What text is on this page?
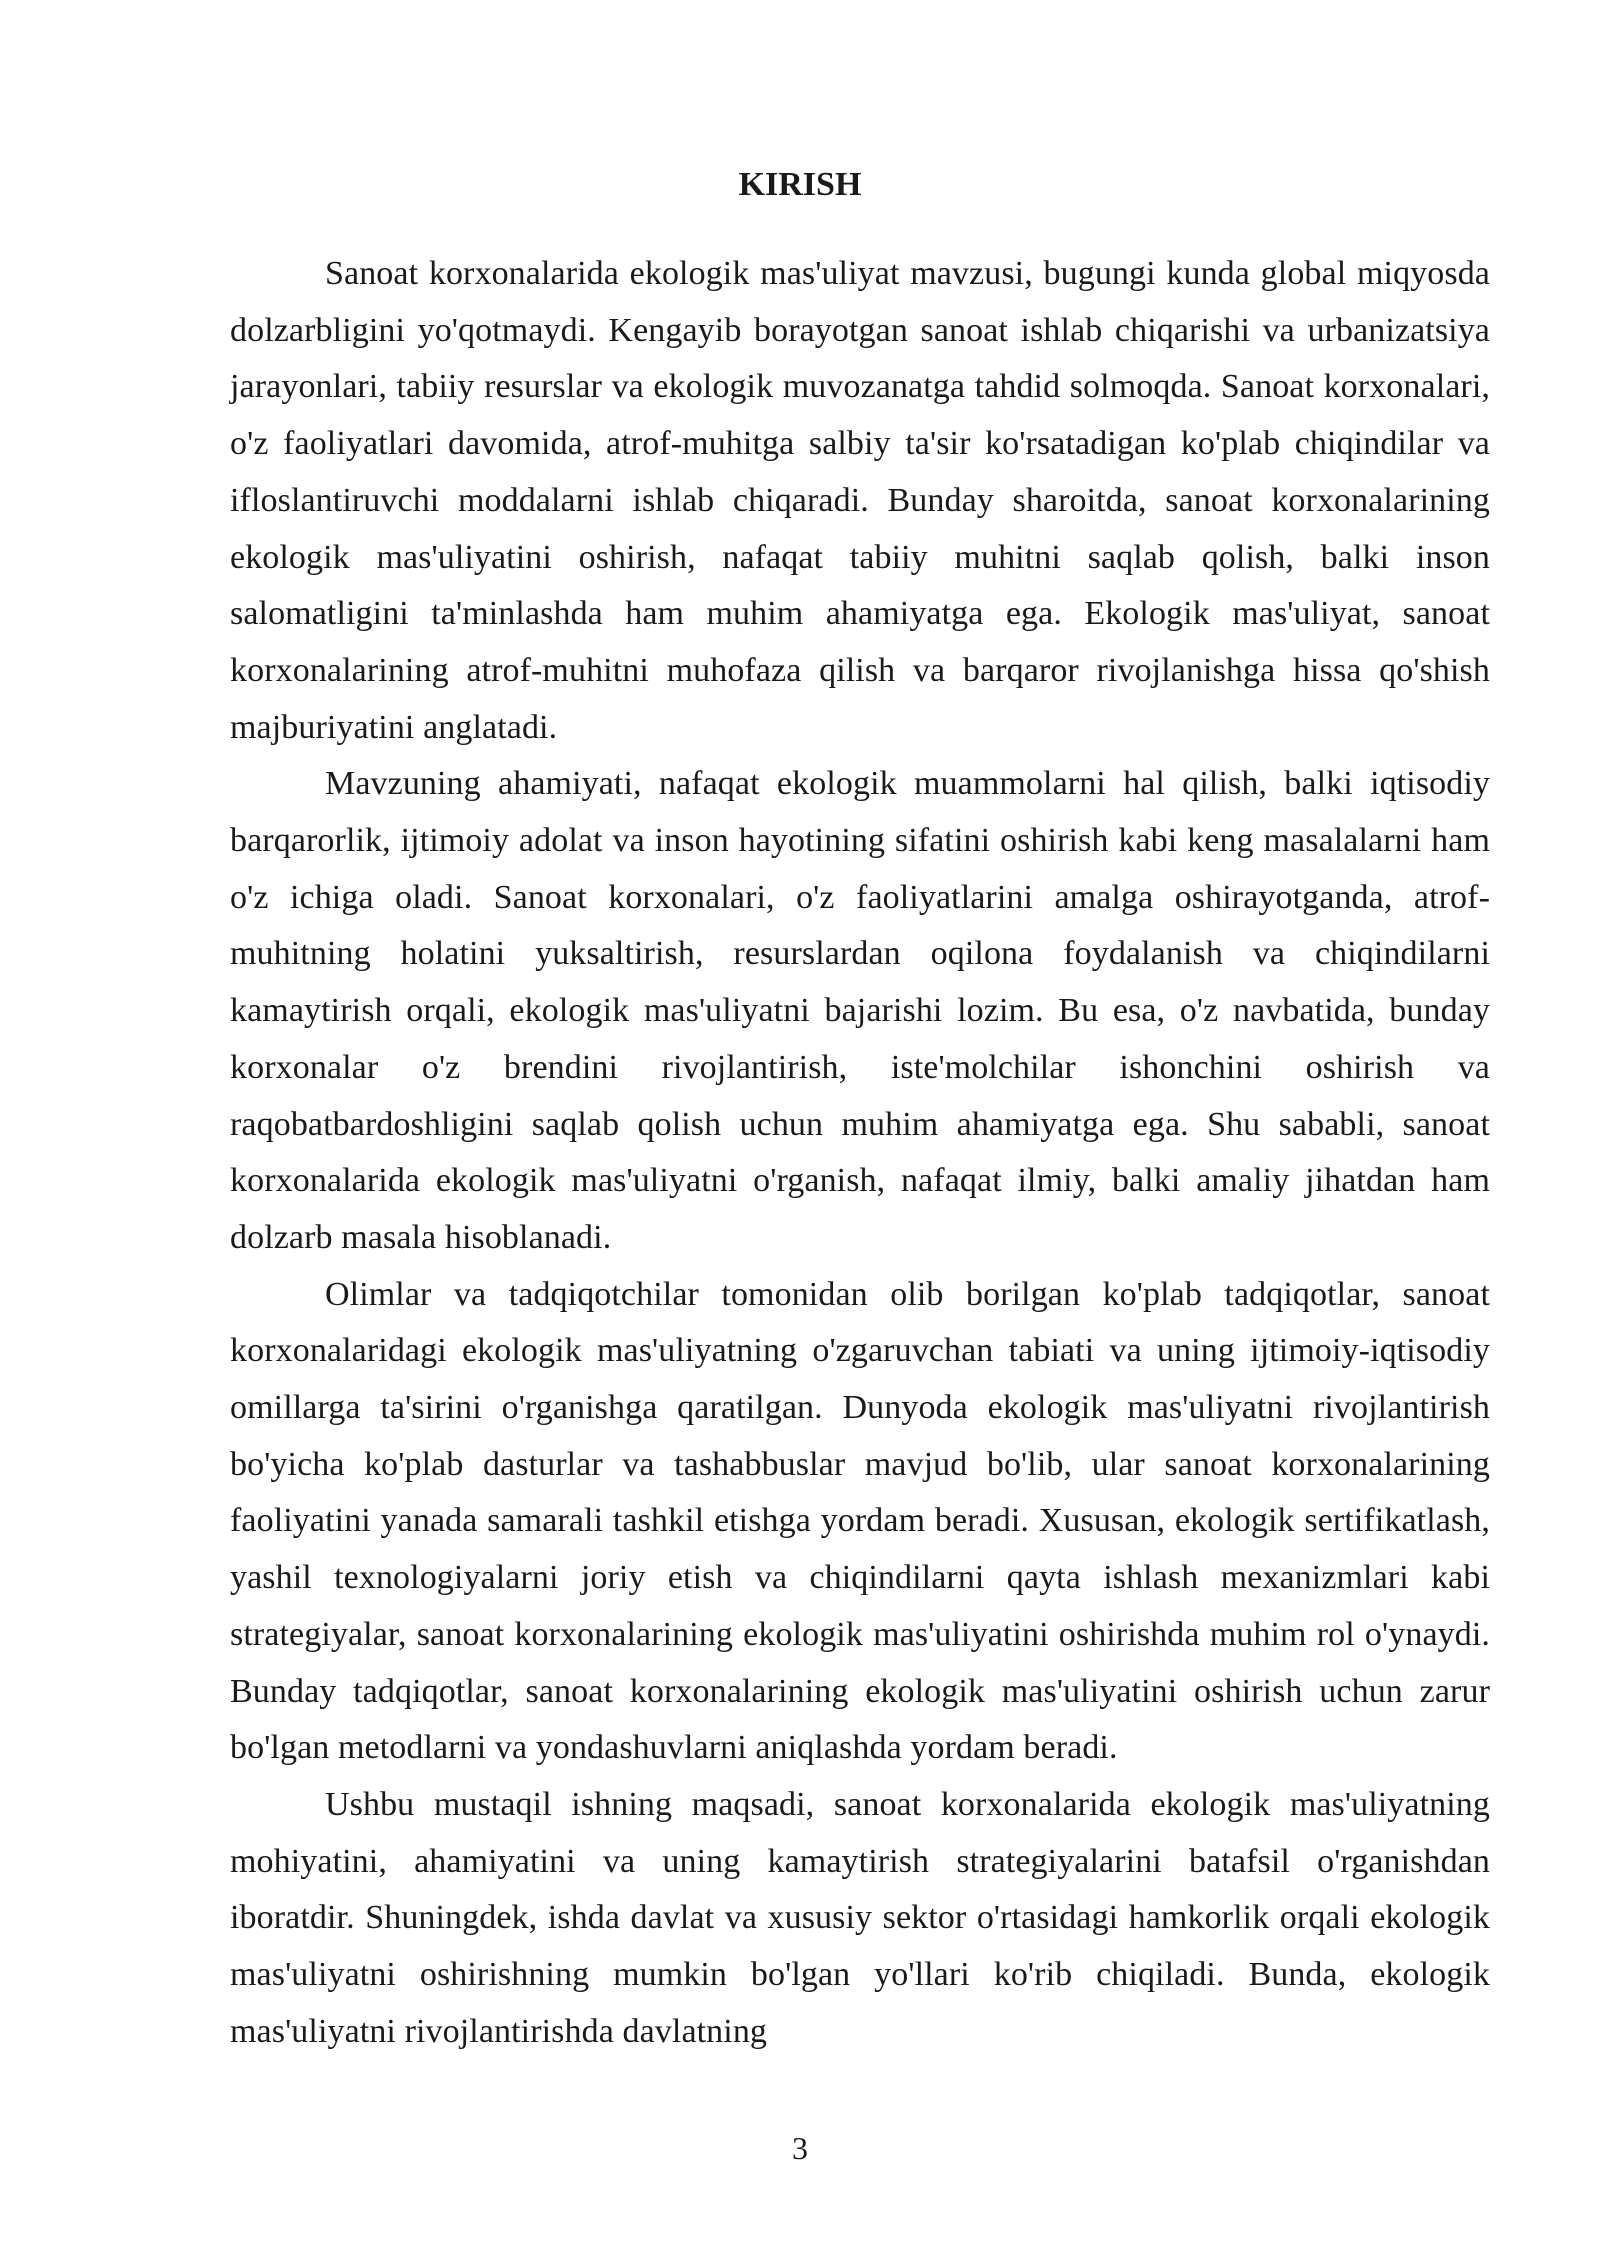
KIRISH

Sanoat korxonalarida ekologik mas'uliyat mavzusi, bugungi kunda global miqyosda dolzarbligini yo'qotmaydi. Kengayib borayotgan sanoat ishlab chiqarishi va urbanizatsiya jarayonlari, tabiiy resurslar va ekologik muvozanatga tahdid solmoqda. Sanoat korxonalari, o'z faoliyatlari davomida, atrof-muhitga salbiy ta'sir ko'rsatadigan ko'plab chiqindilar va ifloslantiruvchi moddalarni ishlab chiqaradi. Bunday sharoitda, sanoat korxonalarining ekologik mas'uliyatini oshirish, nafaqat tabiiy muhitni saqlab qolish, balki inson salomatligini ta'minlashda ham muhim ahamiyatga ega. Ekologik mas'uliyat, sanoat korxonalarining atrof-muhitni muhofaza qilish va barqaror rivojlanishga hissa qo'shish majburiyatini anglatadi.

Mavzuning ahamiyati, nafaqat ekologik muammolarni hal qilish, balki iqtisodiy barqarorlik, ijtimoiy adolat va inson hayotining sifatini oshirish kabi keng masalalarni ham o'z ichiga oladi. Sanoat korxonalari, o'z faoliyatlarini amalga oshirayotganda, atrof-muhitning holatini yuksaltirish, resurslardan oqilona foydalanish va chiqindilarni kamaytirish orqali, ekologik mas'uliyatni bajarishi lozim. Bu esa, o'z navbatida, bunday korxonalar o'z brendini rivojlantirish, iste'molchilar ishonchini oshirish va raqobatbardoshligini saqlab qolish uchun muhim ahamiyatga ega. Shu sababli, sanoat korxonalarida ekologik mas'uliyatni o'rganish, nafaqat ilmiy, balki amaliy jihatdan ham dolzarb masala hisoblanadi.

Olimlar va tadqiqotchilar tomonidan olib borilgan ko'plab tadqiqotlar, sanoat korxonalaridagi ekologik mas'uliyatning o'zgaruvchan tabiati va uning ijtimoiy-iqtisodiy omillarga ta'sirini o'rganishga qaratilgan. Dunyoda ekologik mas'uliyatni rivojlantirish bo'yicha ko'plab dasturlar va tashabbuslar mavjud bo'lib, ular sanoat korxonalarining faoliyatini yanada samarali tashkil etishga yordam beradi. Xususan, ekologik sertifikatlash, yashil texnologiyalarni joriy etish va chiqindilarni qayta ishlash mexanizmlari kabi strategiyalar, sanoat korxonalarining ekologik mas'uliyatini oshirishda muhim rol o'ynaydi. Bunday tadqiqotlar, sanoat korxonalarining ekologik mas'uliyatini oshirish uchun zarur bo'lgan metodlarni va yondashuvlarni aniqlashda yordam beradi.

Ushbu mustaqil ishning maqsadi, sanoat korxonalarida ekologik mas'uliyatning mohiyatini, ahamiyatini va uning kamaytirish strategiyalarini batafsil o'rganishdan iboratdir. Shuningdek, ishda davlat va xususiy sektor o'rtasidagi hamkorlik orqali ekologik mas'uliyatni oshirishning mumkin bo'lgan yo'llari ko'rib chiqiladi. Bunda, ekologik mas'uliyatni rivojlantirishda davlatning

3
